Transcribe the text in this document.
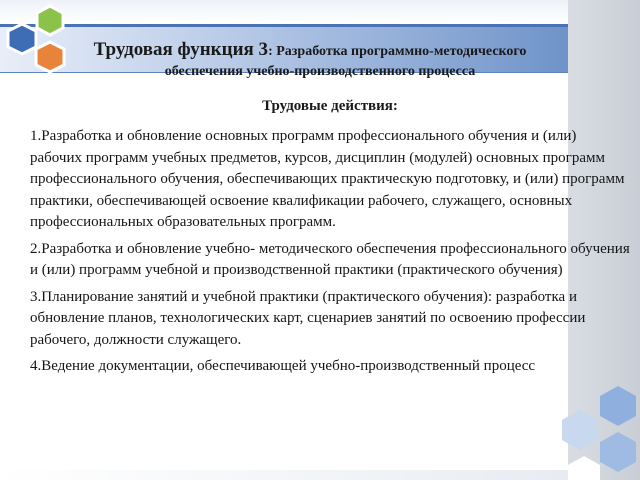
Трудовая функция 3: Разработка программно-методического
обеспечения учебно-производственного процесса
Трудовые действия:

1.Разработка и обновление основных программ профессионального обучения и (или) рабочих программ учебных предметов, курсов, дисциплин (модулей) основных программ профессионального обучения, обеспечивающих практическую подготовку, и (или) программ практики, обеспечивающей освоение квалификации рабочего, служащего, основных профессиональных образовательных программ.

2.Разработка и обновление учебно- методического обеспечения профессионального обучения и (или) программ учебной и производственной практики (практического обучения)

3.Планирование занятий и учебной практики (практического обучения): разработка и обновление планов, технологических карт, сценариев занятий по освоению профессии рабочего, должности служащего.

4.Ведение документации, обеспечивающей учебно-производственный процесс
